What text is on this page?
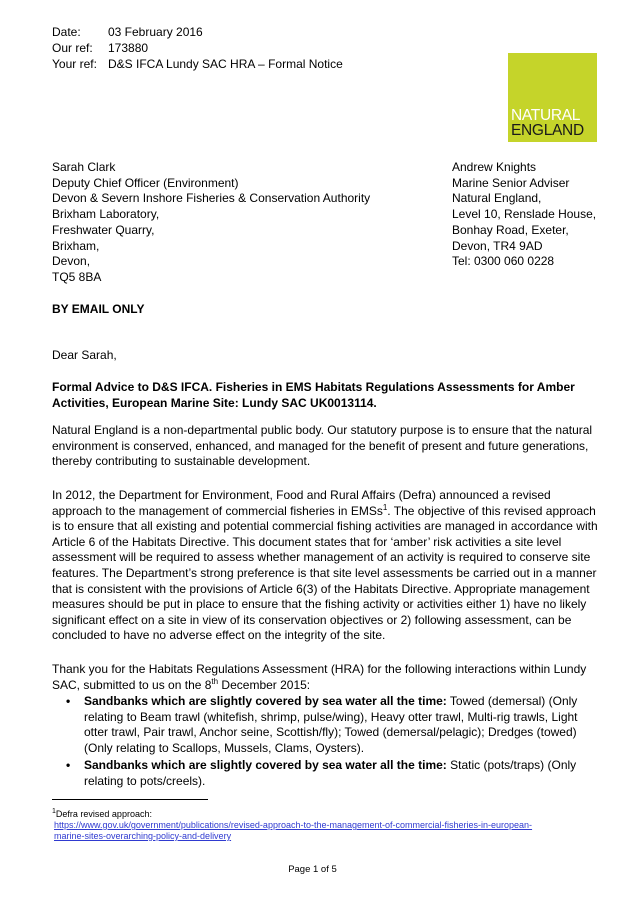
Date: 03 February 2016
Our ref: 173880
Your ref: D&S IFCA Lundy SAC HRA – Formal Notice
NATURAL
ENGLAND
Sarah Clark
Deputy Chief Officer (Environment)
Devon & Severn Inshore Fisheries & Conservation Authority
Brixham Laboratory,
Freshwater Quarry,
Brixham,
Devon,
TQ5 8BA
Andrew Knights
Marine Senior Adviser
Natural England,
Level 10, Renslade House,
Bonhay Road, Exeter,
Devon, TR4 9AD
Tel: 0300 060 0228
BY EMAIL ONLY
Dear Sarah,

Formal Advice to D&S IFCA. Fisheries in EMS Habitats Regulations Assessments for Amber Activities, European Marine Site: Lundy SAC UK0013114.

Natural England is a non-departmental public body. Our statutory purpose is to ensure that the natural environment is conserved, enhanced, and managed for the benefit of present and future generations, thereby contributing to sustainable development.

In 2012, the Department for Environment, Food and Rural Affairs (Defra) announced a revised approach to the management of commercial fisheries in EMSs$^1$. The objective of this revised approach is to ensure that all existing and potential commercial fishing activities are managed in accordance with Article 6 of the Habitats Directive. This document states that for ‘amber’ risk activities a site level assessment will be required to assess whether management of an activity is required to conserve site features. The Department’s strong preference is that site level assessments be carried out in a manner that is consistent with the provisions of Article 6(3) of the Habitats Directive. Appropriate management measures should be put in place to ensure that the fishing activity or activities either 1) have no likely significant effect on a site in view of its conservation objectives or 2) following assessment, can be concluded to have no adverse effect on the integrity of the site.

Thank you for the Habitats Regulations Assessment (HRA) for the following interactions within Lundy SAC, submitted to us on the 8th December 2015:

• Sandbanks which are slightly covered by sea water all the time: Towed (demersal) (Only relating to Beam trawl (whitefish, shrimp, pulse/wing), Heavy otter trawl, Multi-rig trawls, Light otter trawl, Pair trawl, Anchor seine, Scottish/fly); Towed (demersal/pelagic); Dredges (towed) (Only relating to Scallops, Mussels, Clams, Oysters).
• Sandbanks which are slightly covered by sea water all the time: Static (pots/traps) (Only relating to pots/creels).
$^1$Defra revised approach:
https://www.gov.uk/government/publications/revised-approach-to-the-management-of-commercial-fisheries-in-european-
marine-sites-overarching-policy-and-delivery
Page 1 of 5
